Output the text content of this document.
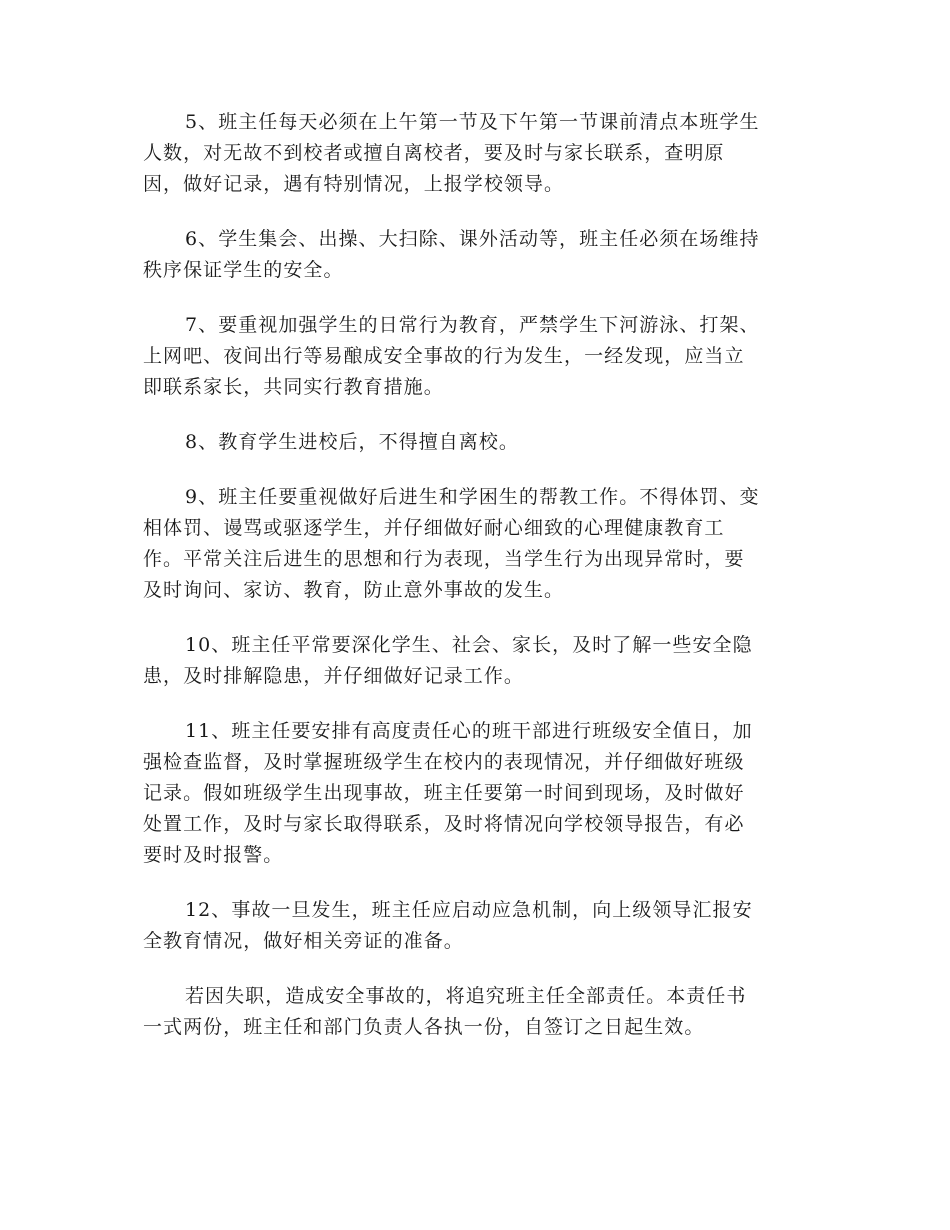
5、班主任每天必须在上午第一节及下午第一节课前清点本班学生
人数，对无故不到校者或擅自离校者，要及时与家长联系，查明原
因，做好记录，遇有特别情况，上报学校领导。
6、学生集会、出操、大扫除、课外活动等，班主任必须在场维持
秩序保证学生的安全。
7、要重视加强学生的日常行为教育，严禁学生下河游泳、打架、
上网吧、夜间出行等易酿成安全事故的行为发生，一经发现，应当立
即联系家长，共同实行教育措施。
8、教育学生进校后，不得擅自离校。
9、班主任要重视做好后进生和学困生的帮教工作。不得体罚、变
相体罚、谩骂或驱逐学生，并仔细做好耐心细致的心理健康教育工
作。平常关注后进生的思想和行为表现，当学生行为出现异常时，要
及时询问、家访、教育，防止意外事故的发生。
10、班主任平常要深化学生、社会、家长，及时了解一些安全隐
患，及时排解隐患，并仔细做好记录工作。
11、班主任要安排有高度责任心的班干部进行班级安全值日，加
强检查监督，及时掌握班级学生在校内的表现情况，并仔细做好班级
记录。假如班级学生出现事故，班主任要第一时间到现场，及时做好
处置工作，及时与家长取得联系，及时将情况向学校领导报告，有必
要时及时报警。
12、事故一旦发生，班主任应启动应急机制，向上级领导汇报安
全教育情况，做好相关旁证的准备。
若因失职，造成安全事故的，将追究班主任全部责任。本责任书
一式两份，班主任和部门负责人各执一份，自签订之日起生效。
